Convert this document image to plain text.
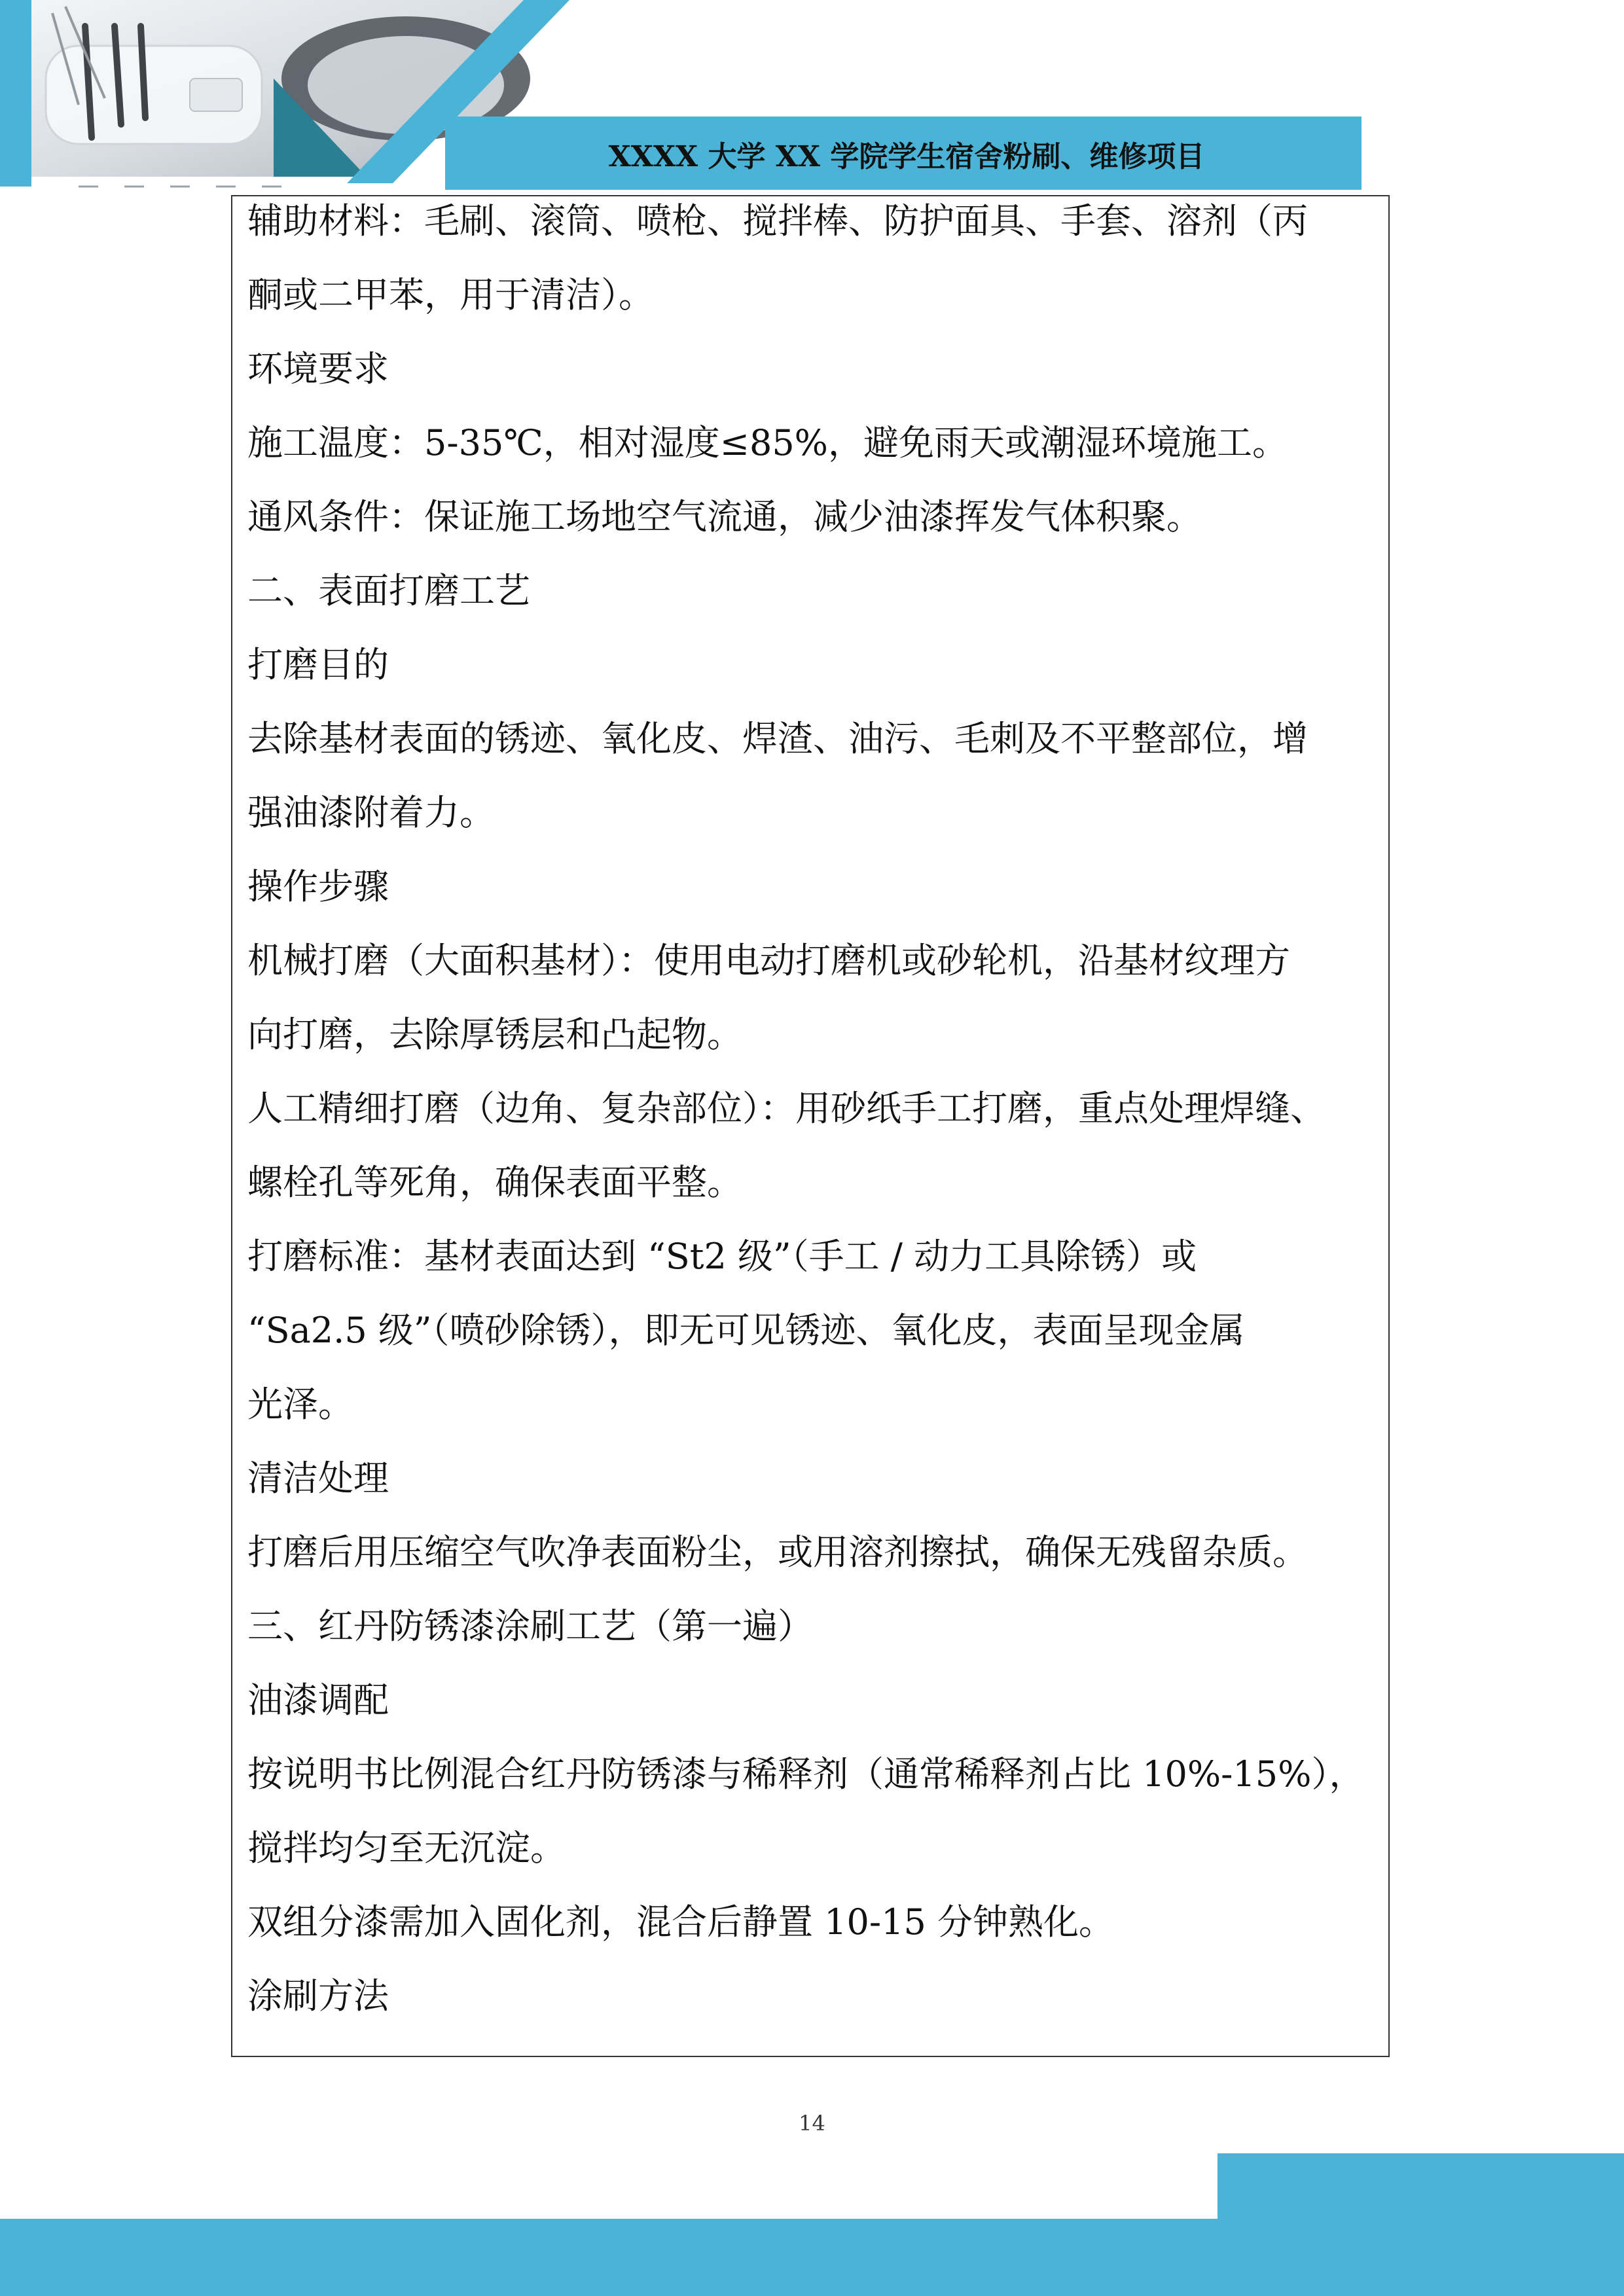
XXXX 大学 XX 学院学生宿舍粉刷、维修项目
辅助材料：毛刷、滚筒、喷枪、搅拌棒、防护面具、手套、溶剂（丙
酮或二甲苯，用于清洁）。
环境要求
施工温度：5-35℃，相对湿度≤85%，避免雨天或潮湿环境施工。
通风条件：保证施工场地空气流通，减少油漆挥发气体积聚。
二、表面打磨工艺
打磨目的
去除基材表面的锈迹、氧化皮、焊渣、油污、毛刺及不平整部位，增
强油漆附着力。
操作步骤
机械打磨（大面积基材）：使用电动打磨机或砂轮机，沿基材纹理方
向打磨，去除厚锈层和凸起物。
人工精细打磨（边角、复杂部位）：用砂纸手工打磨，重点处理焊缝、
螺栓孔等死角，确保表面平整。
打磨标准：基材表面达到 “St2 级”（手工 / 动力工具除锈）或
“Sa2.5 级”（喷砂除锈），即无可见锈迹、氧化皮，表面呈现金属
光泽。
清洁处理
打磨后用压缩空气吹净表面粉尘，或用溶剂擦拭，确保无残留杂质。
三、红丹防锈漆涂刷工艺（第一遍）
油漆调配
按说明书比例混合红丹防锈漆与稀释剂（通常稀释剂占比 10%-15%），
搅拌均匀至无沉淀。
双组分漆需加入固化剂，混合后静置 10-15 分钟熟化。
涂刷方法
14
